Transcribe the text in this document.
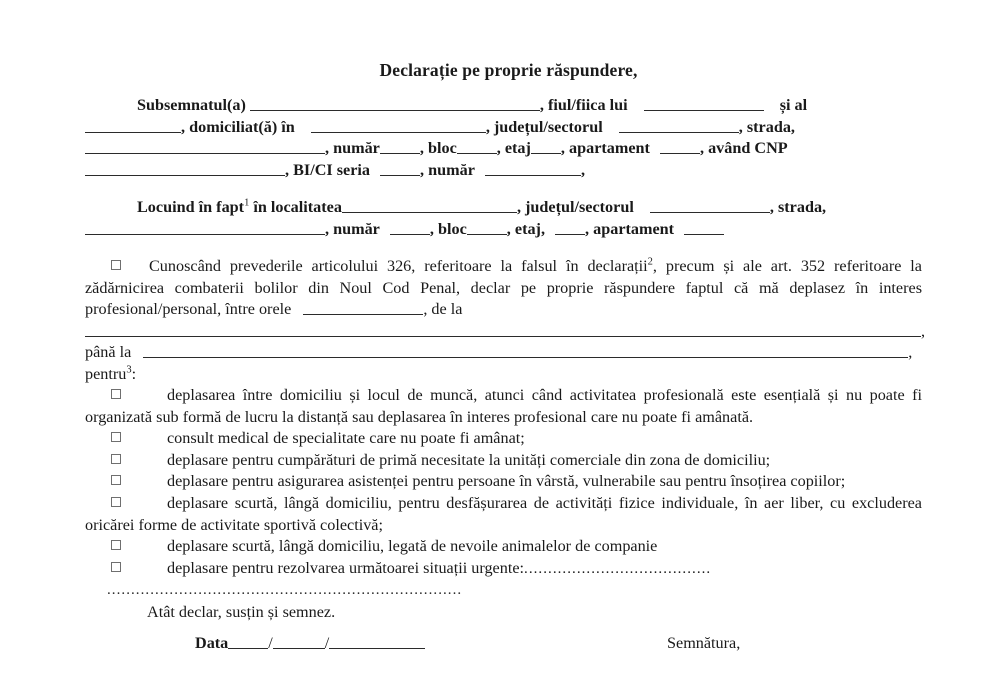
Declarație pe proprie răspundere,
Subsemnatul(a)	, fiul/fiica lui	și al
, domiciliat(ă) în	, județul/sectorul	, strada,
, număr , bloc , etaj , apartament	, având CNP
, BI/CI seria	, număr	,
Locuind în fapt$^1$ în localitatea	, județul/sectorul	, strada,
, număr	, bloc , etaj, , apartament

Cunoscând prevederile articolului 326, referitoare la falsul în declarații$^2$, precum și ale art. 352 referitoare la zădărnicirea combaterii bolilor din Noul Cod Penal, declar pe proprie răspundere faptul că mă deplasez în interes profesional/personal, între orele	, de la

,
până la	,
pentru$^3$:

deplasarea între domiciliu și locul de muncă, atunci când activitatea profesională este esențială și nu poate fi organizată sub formă de lucru la distanță sau deplasarea în interes profesional care nu poate fi amânată.

consult medical de specialitate care nu poate fi amânat;

deplasare pentru cumpărături de primă necesitate la unități comerciale din zona de domiciliu;

deplasare pentru asigurarea asistenței pentru persoane în vârstă, vulnerabile sau pentru însoțirea copiilor;

deplasare scurtă, lângă domiciliu, pentru desfășurarea de activități fizice individuale, în aer liber, cu excluderea oricărei forme de activitate sportivă colectivă;

deplasare scurtă, lângă domiciliu, legată de nevoile animalelor de companie

deplasare pentru rezolvarea următoarei situații urgente:.......................................

..........................................................................
Atât declar, susțin și semnez.
Data /	/	Semnătura,
